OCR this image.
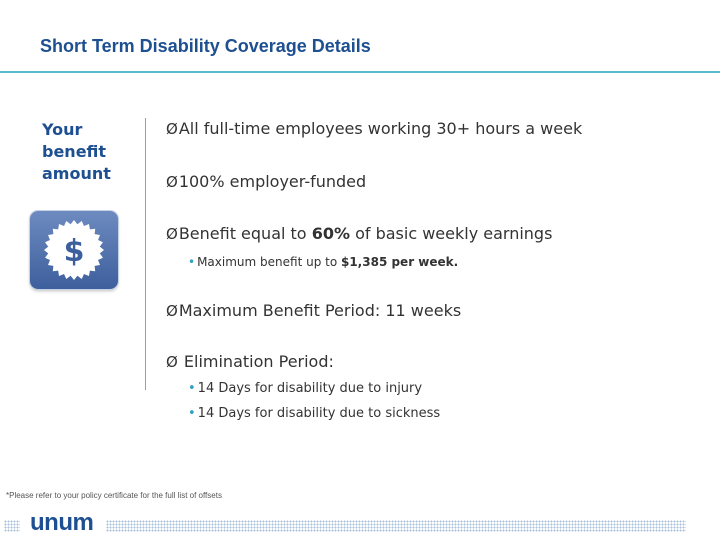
Short Term Disability Coverage Details
Your
benefit
amount
$
ØAll full-time employees working 30+ hours a week
Ø100% employer-funded
ØBenefit equal to 60% of basic weekly earnings
• Maximum benefit up to $1,385 per week.
ØMaximum Benefit Period: 11 weeks
Ø Elimination Period:
• 14 Days for disability due to injury
• 14 Days for disability due to sickness
*Please refer to your policy certificate for the full list of offsets
unum
